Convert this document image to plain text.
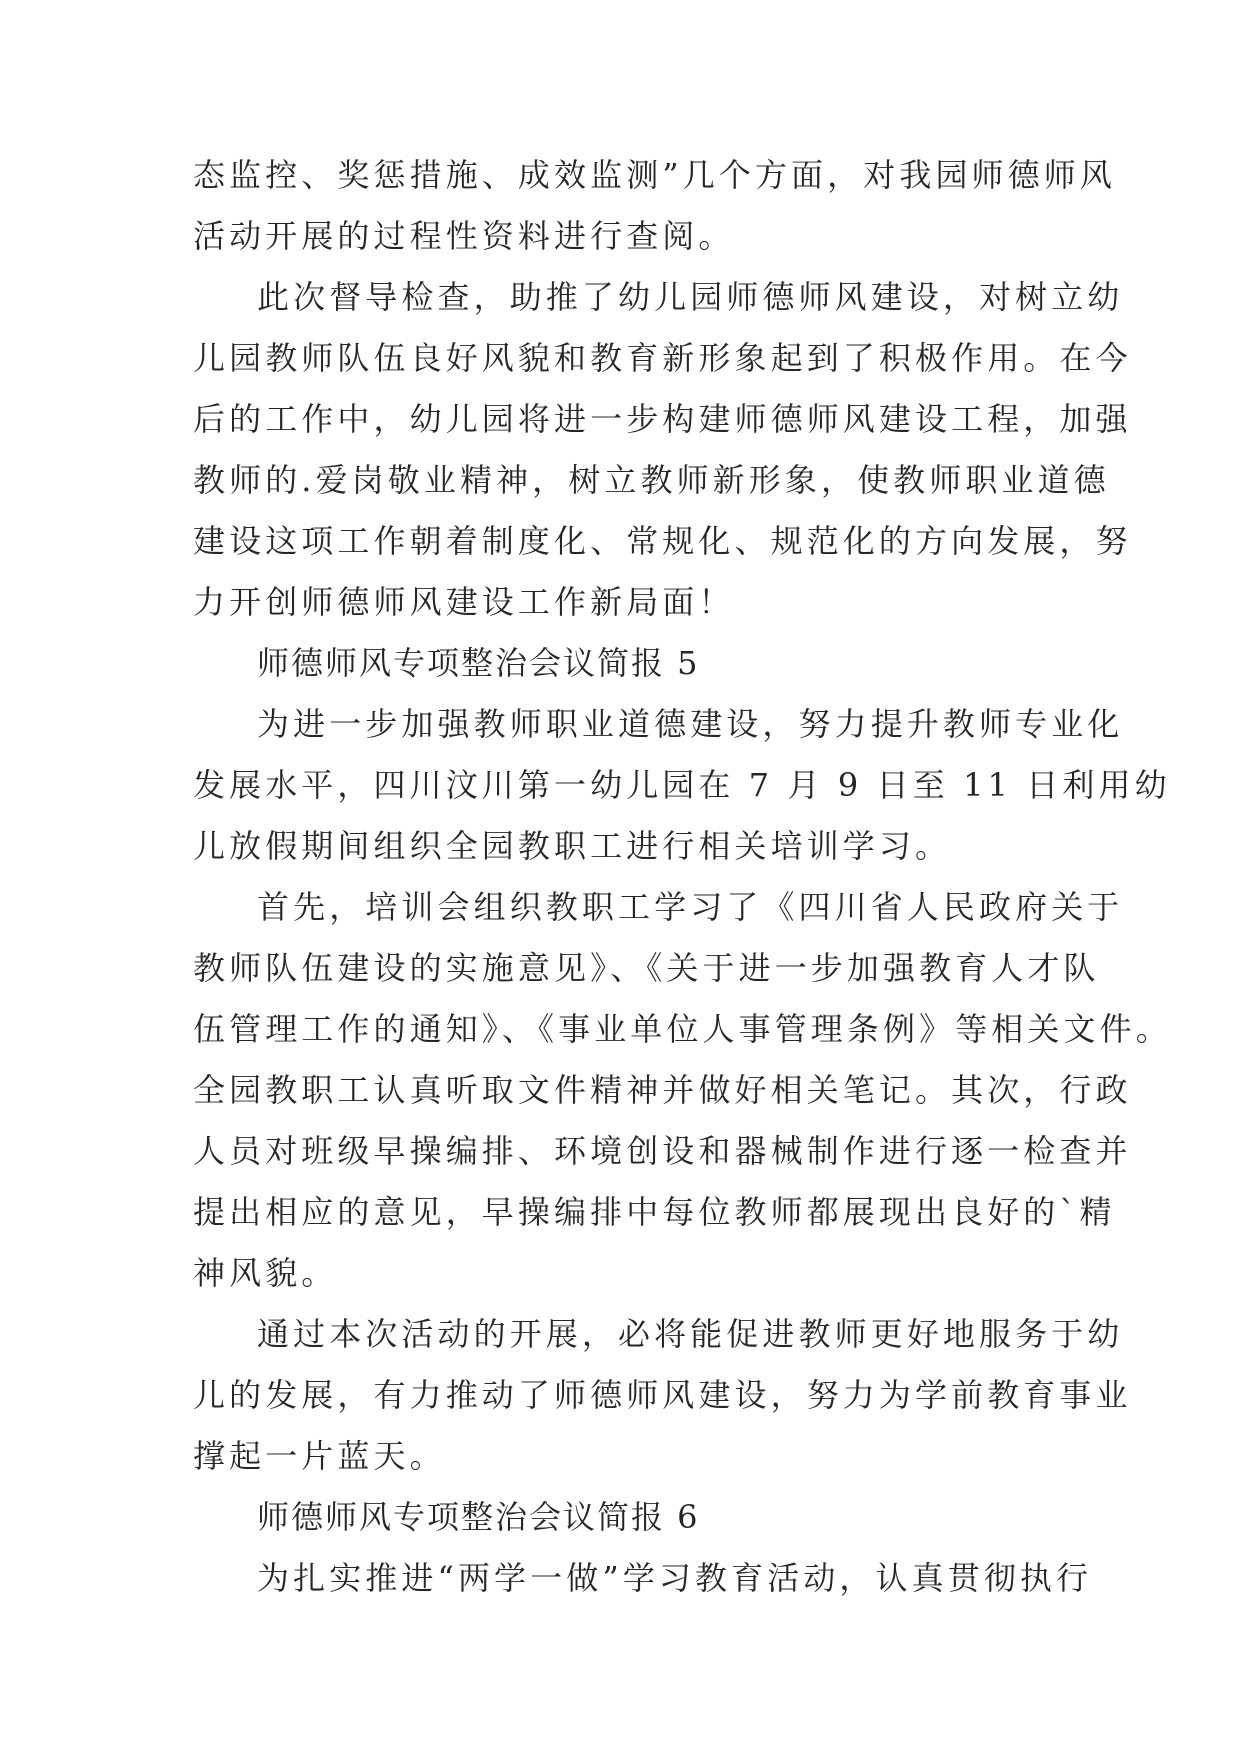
态监控、奖惩措施、成效监测”几个方面，对我园师德师风
活动开展的过程性资料进行查阅。
此次督导检查，助推了幼儿园师德师风建设，对树立幼
儿园教师队伍良好风貌和教育新形象起到了积极作用。在今
后的工作中，幼儿园将进一步构建师德师风建设工程，加强
教师的.爱岗敬业精神，树立教师新形象，使教师职业道德
建设这项工作朝着制度化、常规化、规范化的方向发展，努
力开创师德师风建设工作新局面！
师德师风专项整治会议简报 5
为进一步加强教师职业道德建设，努力提升教师专业化
发展水平，四川汶川第一幼儿园在 7 月 9 日至 11 日利用幼
儿放假期间组织全园教职工进行相关培训学习。
首先，培训会组织教职工学习了《四川省人民政府关于
教师队伍建设的实施意见》、《关于进一步加强教育人才队
伍管理工作的通知》、《事业单位人事管理条例》等相关文件。
全园教职工认真听取文件精神并做好相关笔记。其次，行政
人员对班级早操编排、环境创设和器械制作进行逐一检查并
提出相应的意见，早操编排中每位教师都展现出良好的`精
神风貌。
通过本次活动的开展，必将能促进教师更好地服务于幼
儿的发展，有力推动了师德师风建设，努力为学前教育事业
撑起一片蓝天。
师德师风专项整治会议简报 6
为扎实推进“两学一做”学习教育活动，认真贯彻执行
